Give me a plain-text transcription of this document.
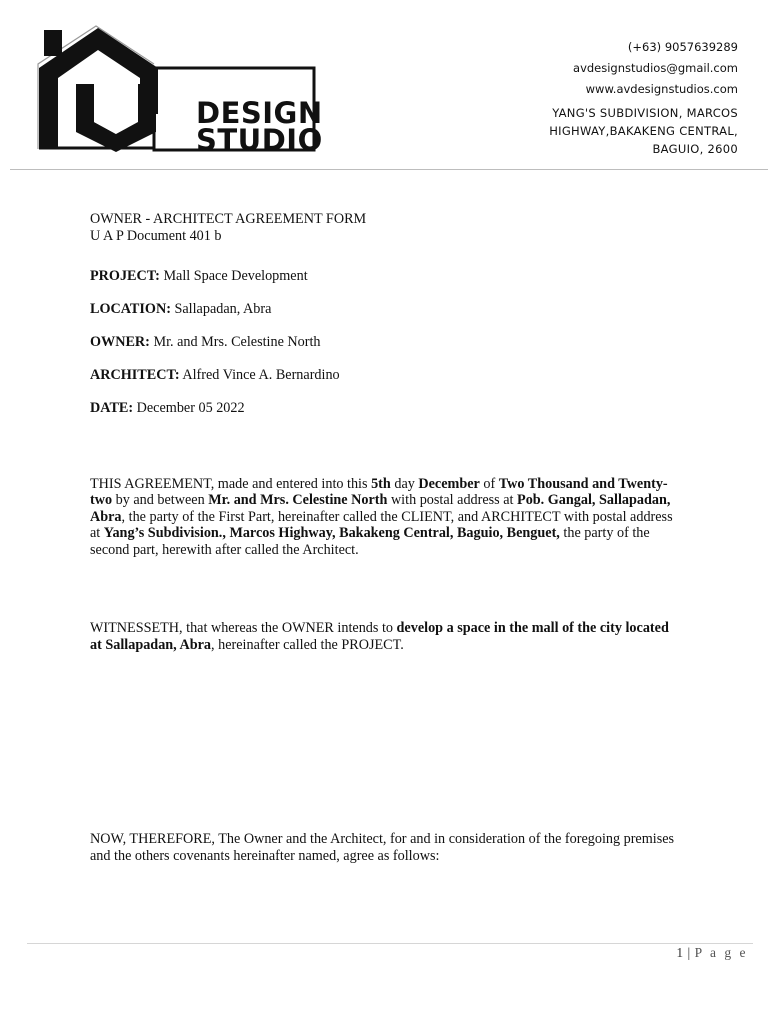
DESIGN
STUDIO
(+63) 9057639289
avdesignstudios@gmail.com
www.avdesignstudios.com
YANG'S SUBDIVISION, MARCOS
HIGHWAY,BAKAKENG CENTRAL,
BAGUIO, 2600

OWNER - ARCHITECT AGREEMENT FORM

U A P Document 401 b

PROJECT: Mall Space Development

LOCATION: Sallapadan, Abra

OWNER: Mr. and Mrs. Celestine North

ARCHITECT: Alfred Vince A. Bernardino

DATE: December 05 2022

THIS AGREEMENT, made and entered into this 5th day December of Two Thousand and Twenty-two by and between Mr. and Mrs. Celestine North with postal address at Pob. Gangal, Sallapadan, Abra, the party of the First Part, hereinafter called the CLIENT, and ARCHITECT with postal address at Yang’s Subdivision., Marcos Highway, Bakakeng Central, Baguio, Benguet, the party of the second part, herewith after called the Architect.

WITNESSETH, that whereas the OWNER intends to develop a space in the mall of the city located at Sallapadan, Abra, hereinafter called the PROJECT.

NOW, THEREFORE, The Owner and the Architect, for and in consideration of the foregoing premises and the others covenants hereinafter named, agree as follows:

1 | P a g e
